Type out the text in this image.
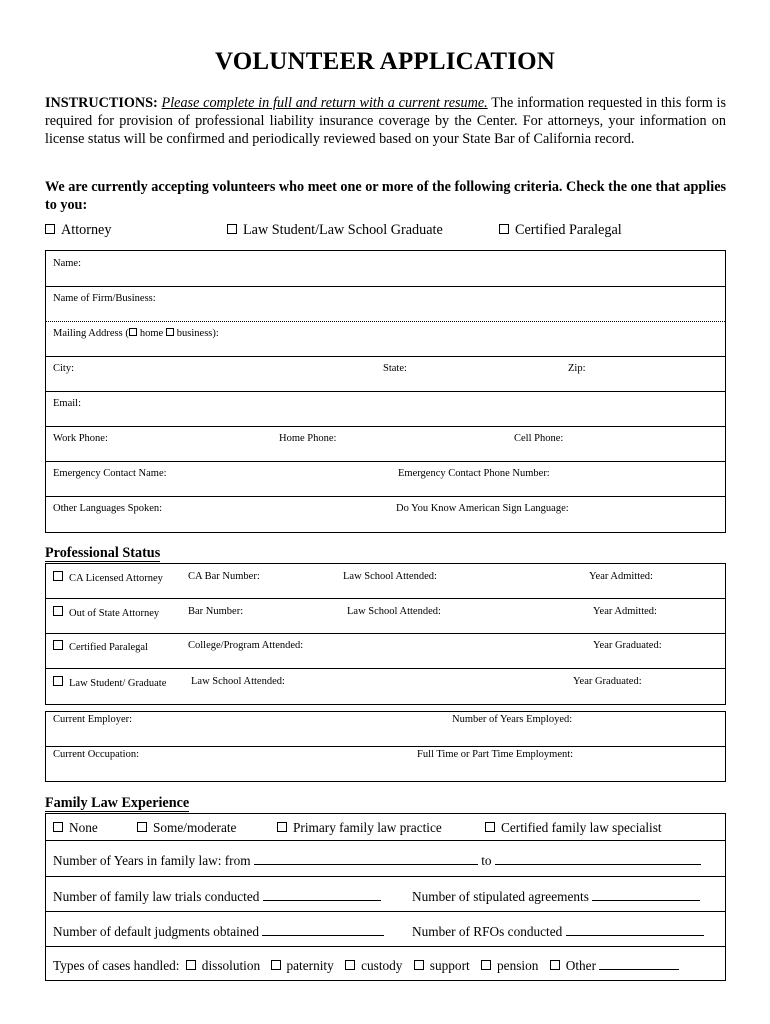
VOLUNTEER APPLICATION
INSTRUCTIONS: Please complete in full and return with a current resume. The information requested in this form is required for provision of professional liability insurance coverage by the Center. For attorneys, your information on license status will be confirmed and periodically reviewed based on your State Bar of California record.
We are currently accepting volunteers who meet one or more of the following criteria. Check the one that applies to you:
Attorney	Law Student/Law School Graduate	Certified Paralegal
Name:
Name of Firm/Business:
Mailing Address ( home business):
City:	State:	Zip:
Email:
Work Phone:	Home Phone:	Cell Phone:
Emergency Contact Name:	Emergency Contact Phone Number:
Other Languages Spoken:	Do You Know American Sign Language:
Professional Status
CA Licensed Attorney CA Bar Number:	Law School Attended:	Year Admitted:
Out of State Attorney	Bar Number:	Law School Attended:	Year Admitted:
Certified Paralegal	College/Program Attended:	Year Graduated:
Law Student/ Graduate Law School Attended:	Year Graduated:
Current Employer:	Number of Years Employed:
Current Occupation:	Full Time or Part Time Employment:
Family Law Experience
None	Some/moderate	Primary family law practice	Certified family law specialist
Number of Years in family law: from	to
Number of family law trials conducted	Number of stipulated agreements
Number of default judgments obtained	Number of RFOs conducted
Types of cases handled: dissolution paternity custody support pension Other
